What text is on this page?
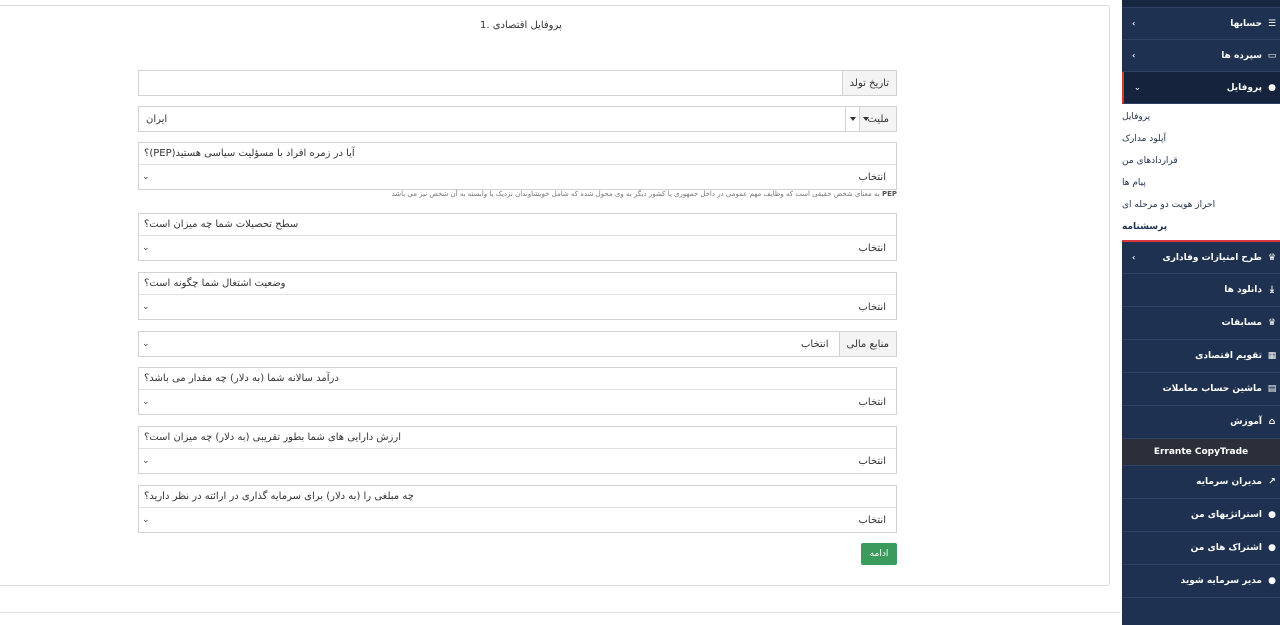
1. پروفایل اقتصادی
تاریخ تولد
ملیت
ایران
؟(PEP)آیا در زمره افراد با مسؤلیت سیاسی هستید
⌄	انتخاب
PEP به معنای شخص حقیقی است که وظایف مهم عمومی در داخل جمهوری یا کشور دیگر به وی محول شده که شامل خویشاوندان نزدیک یا وابسته به آن شخص نیز می باشد
سطح تحصیلات شما چه میزان است؟
⌄	انتخاب
وضعیت اشتغال شما چگونه است؟
⌄	انتخاب
منابع مالی
⌄	انتخاب
درآمد سالانه شما (به دلار) چه مقدار می باشد؟
⌄	انتخاب
ارزش دارایی های شما بطور تقریبی (به دلار) چه میزان است؟
⌄	انتخاب
چه مبلغی را (به دلار) برای سرمایه گذاری در ارائته در نظر دارید؟
⌄	انتخاب
ادامه
☰
حسابها
‹
▭
سپرده ها
‹
●
پروفایل
⌄
پروفایل
آپلود مدارک
قراردادهای من
پیام ها
احراز هویت دو مرحله ای
پرسشنامه
♛
طرح امتیازات وفاداری
‹
⤓
دانلود ها
♛
مسابقات
▦
تقویم اقتصادی
▤
ماشین حساب معاملات
⌂
آموزش
Errante CopyTrade
↗
مدیران سرمایه
●
استراتژیهای من
●
اشتراک های من
●
مدیر سرمایه شوید
